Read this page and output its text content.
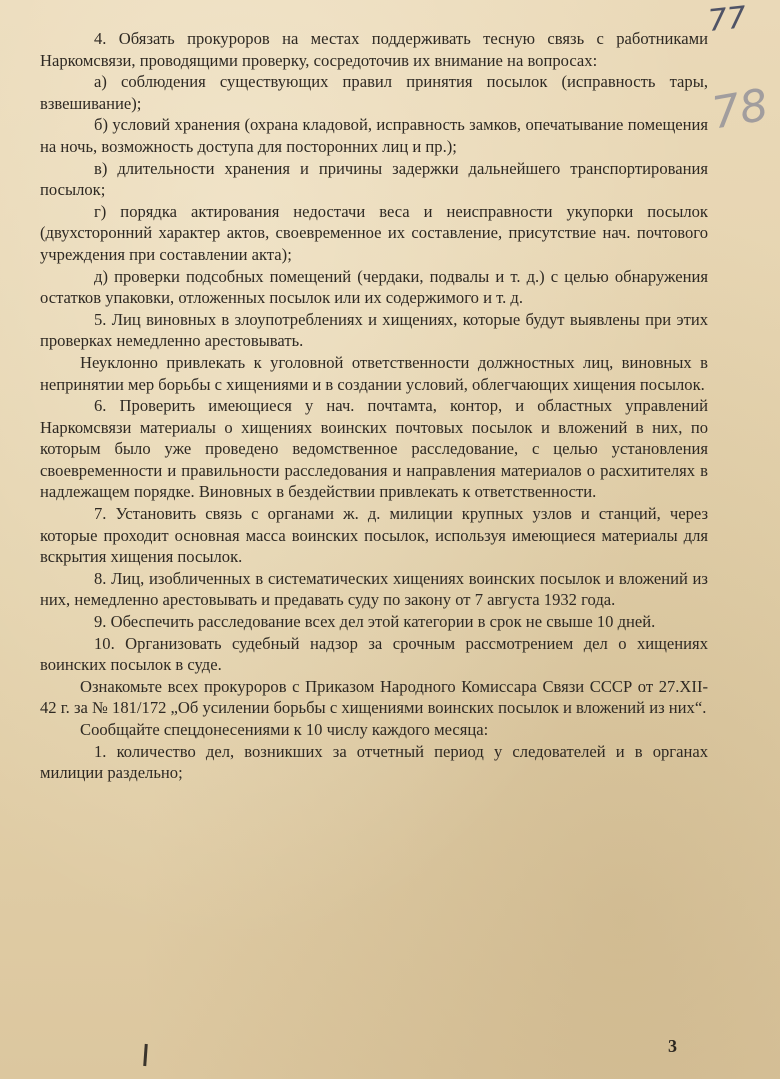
77
78

4. Обязать прокуроров на местах поддерживать тесную связь с работниками Наркомсвязи, проводящими проверку, сосредоточив их внимание на вопросах:

а) соблюдения существующих правил принятия посылок (исправность тары, взвешивание);

б) условий хранения (охрана кладовой, исправность замков, опечатывание помещения на ночь, возможность доступа для посторонних лиц и пр.);

в) длительности хранения и причины задержки дальнейшего транспортирования посылок;

г) порядка актирования недостачи веса и неисправности укупорки посылок (двухсторонний характер актов, своевременное их составление, присутствие нач. почтового учреждения при составлении акта);

д) проверки подсобных помещений (чердаки, подвалы и т. д.) с целью обнаружения остатков упаковки, отложенных посылок или их содержимого и т. д.

5. Лиц виновных в злоупотреблениях и хищениях, которые будут выявлены при этих проверках немедленно арестовывать.

Неуклонно привлекать к уголовной ответственности должностных лиц, виновных в непринятии мер борьбы с хищениями и в создании условий, облегчающих хищения посылок.

6. Проверить имеющиеся у нач. почтамта, контор, и областных управлений Наркомсвязи материалы о хищениях воинских почтовых посылок и вложений в них, по которым было уже проведено ведомственное расследование, с целью установления своевременности и правильности расследования и направления материалов о расхитителях в надлежащем порядке. Виновных в бездействии привлекать к ответственности.

7. Установить связь с органами ж. д. милиции крупных узлов и станций, через которые проходит основная масса воинских посылок, используя имеющиеся материалы для вскрытия хищения посылок.

8. Лиц, изобличенных в систематических хищениях воинских посылок и вложений из них, немедленно арестовывать и предавать суду по закону от 7 августа 1932 года.

9. Обеспечить расследование всех дел этой категории в срок не свыше 10 дней.

10. Организовать судебный надзор за срочным рассмотрением дел о хищениях воинских посылок в суде.

Ознакомьте всех прокуроров с Приказом Народного Комиссара Связи СССР от 27.XII-42 г. за № 181/172 „Об усилении борьбы с хищениями воинских посылок и вложений из них“.

Сообщайте спецдонесениями к 10 числу каждого месяца:

1. количество дел, возникших за отчетный период у следователей и в органах милиции раздельно;

3
